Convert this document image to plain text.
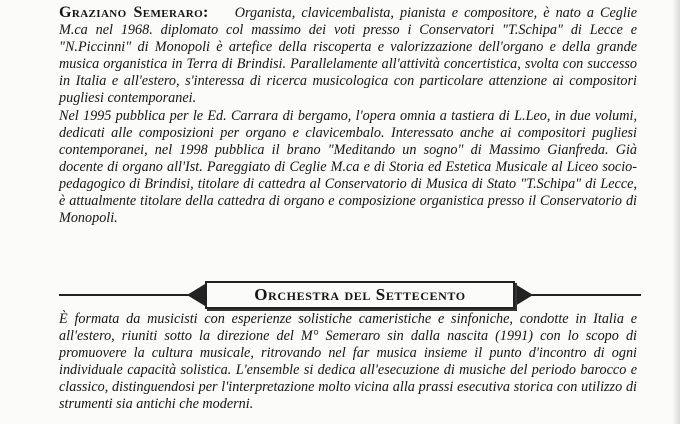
Graziano Semeraro: Organista, clavicembalista, pianista e compositore, è nato a Ceglie M.ca nel 1968. diplomato col massimo dei voti presso i Conservatori "T.Schipa" di Lecce e "N.Piccinni" di Monopoli è artefice della riscoperta e valorizzazione dell'organo e della grande musica organistica in Terra di Brindisi. Parallelamente all'attività concertistica, svolta con successo in Italia e all'estero, s'interessa di ricerca musicologica con particolare attenzione ai compositori pugliesi contemporanei.

Nel 1995 pubblica per le Ed. Carrara di bergamo, l'opera omnia a tastiera di L.Leo, in due volumi, dedicati alle composizioni per organo e clavicembalo. Interessato anche ai compositori pugliesi contemporanei, nel 1998 pubblica il brano "Meditando un sogno" di Massimo Gianfreda. Già docente di organo all'Ist. Pareggiato di Ceglie M.ca e di Storia ed Estetica Musicale al Liceo socio-pedagogico di Brindisi, titolare di cattedra al Conservatorio di Musica di Stato "T.Schipa" di Lecce, è attualmente titolare della cattedra di organo e composizione organistica presso il Conservatorio di Monopoli.

Orchestra del Settecento

È formata da musicisti con esperienze solistiche cameristiche e sinfoniche, condotte in Italia e all'estero, riuniti sotto la direzione del M° Semeraro sin dalla nascita (1991) con lo scopo di promuovere la cultura musicale, ritrovando nel far musica insieme il punto d'incontro di ogni individuale capacità solistica. L'ensemble si dedica all'esecuzione di musiche del periodo barocco e classico, distinguendosi per l'interpretazione molto vicina alla prassi esecutiva storica con utilizzo di strumenti sia antichi che moderni.
